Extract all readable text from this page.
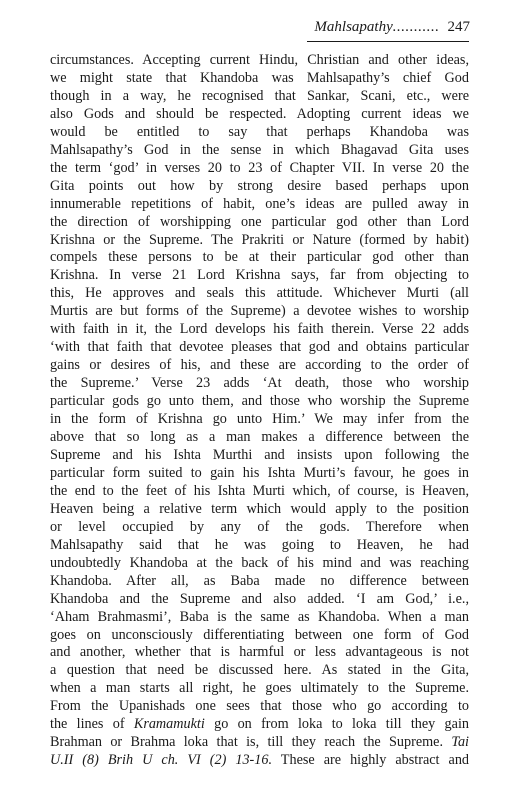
Mahlsapathy........... 247
circumstances. Accepting current Hindu, Christian and other ideas,
we might state that Khandoba was Mahlsapathy’s chief God
though in a way, he recognised that Sankar, Scani, etc., were
also Gods and should be respected. Adopting current ideas we
would be entitled to say that perhaps Khandoba was
Mahlsapathy’s God in the sense in which Bhagavad Gita uses
the term ‘god’ in verses 20 to 23 of Chapter VII. In verse 20 the
Gita points out how by strong desire based perhaps upon
innumerable repetitions of habit, one’s ideas are pulled away in
the direction of worshipping one particular god other than Lord
Krishna or the Supreme. The Prakriti or Nature (formed by habit)
compels these persons to be at their particular god other than
Krishna. In verse 21 Lord Krishna says, far from objecting to
this, He approves and seals this attitude. Whichever Murti (all
Murtis are but forms of the Supreme) a devotee wishes to worship
with faith in it, the Lord develops his faith therein. Verse 22 adds
‘with that faith that devotee pleases that god and obtains particular
gains or desires of his, and these are according to the order of
the Supreme.’ Verse 23 adds ‘At death, those who worship
particular gods go unto them, and those who worship the Supreme
in the form of Krishna go unto Him.’ We may infer from the
above that so long as a man makes a difference between the
Supreme and his Ishta Murthi and insists upon following the
particular form suited to gain his Ishta Murti’s favour, he goes in
the end to the feet of his Ishta Murti which, of course, is Heaven,
Heaven being a relative term which would apply to the position
or level occupied by any of the gods. Therefore when
Mahlsapathy said that he was going to Heaven, he had
undoubtedly Khandoba at the back of his mind and was reaching
Khandoba. After all, as Baba made no difference between
Khandoba and the Supreme and also added. ‘I am God,’ i.e.,
‘Aham Brahmasmi’, Baba is the same as Khandoba. When a man
goes on unconsciously differentiating between one form of God
and another, whether that is harmful or less advantageous is not
a question that need be discussed here. As stated in the Gita,
when a man starts all right, he goes ultimately to the Supreme.
From the Upanishads one sees that those who go according to
the lines of Kramamukti go on from loka to loka till they gain
Brahman or Brahma loka that is, till they reach the Supreme. Tai
U.II (8) Brih U ch. VI (2) 13-16. These are highly abstract and
